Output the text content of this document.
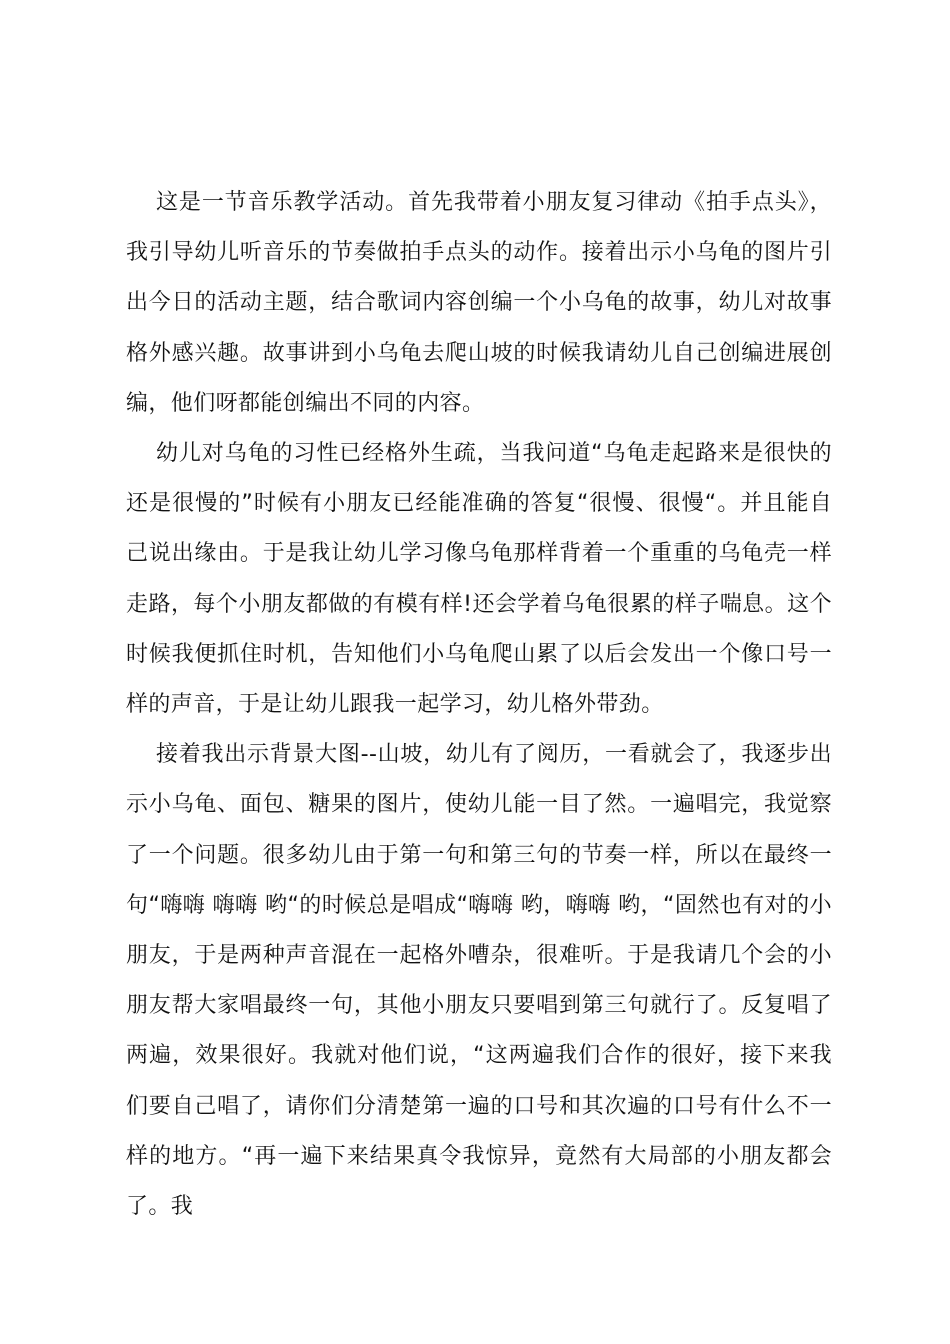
这是一节音乐教学活动。首先我带着小朋友复习律动《拍手点头》，我引导幼儿听音乐的节奏做拍手点头的动作。接着出示小乌龟的图片引出今日的活动主题，结合歌词内容创编一个小乌龟的故事，幼儿对故事格外感兴趣。故事讲到小乌龟去爬山坡的时候我请幼儿自己创编进展创编，他们呀都能创编出不同的内容。

幼儿对乌龟的习性已经格外生疏，当我问道“乌龟走起路来是很快的还是很慢的”时候有小朋友已经能准确的答复“很慢、很慢“。并且能自己说出缘由。于是我让幼儿学习像乌龟那样背着一个重重的乌龟壳一样走路，每个小朋友都做的有模有样!还会学着乌龟很累的样子喘息。这个时候我便抓住时机，告知他们小乌龟爬山累了以后会发出一个像口号一样的声音，于是让幼儿跟我一起学习，幼儿格外带劲。

接着我出示背景大图--山坡，幼儿有了阅历，一看就会了，我逐步出示小乌龟、面包、糖果的图片，使幼儿能一目了然。一遍唱完，我觉察了一个问题。很多幼儿由于第一句和第三句的节奏一样，所以在最终一句“嗨嗨 嗨嗨 哟“的时候总是唱成“嗨嗨 哟，嗨嗨 哟，“固然也有对的小朋友，于是两种声音混在一起格外嘈杂，很难听。于是我请几个会的小朋友帮大家唱最终一句，其他小朋友只要唱到第三句就行了。反复唱了两遍，效果很好。我就对他们说，“这两遍我们合作的很好，接下来我们要自己唱了，请你们分清楚第一遍的口号和其次遍的口号有什么不一样的地方。“再一遍下来结果真令我惊异，竟然有大局部的小朋友都会了。我
